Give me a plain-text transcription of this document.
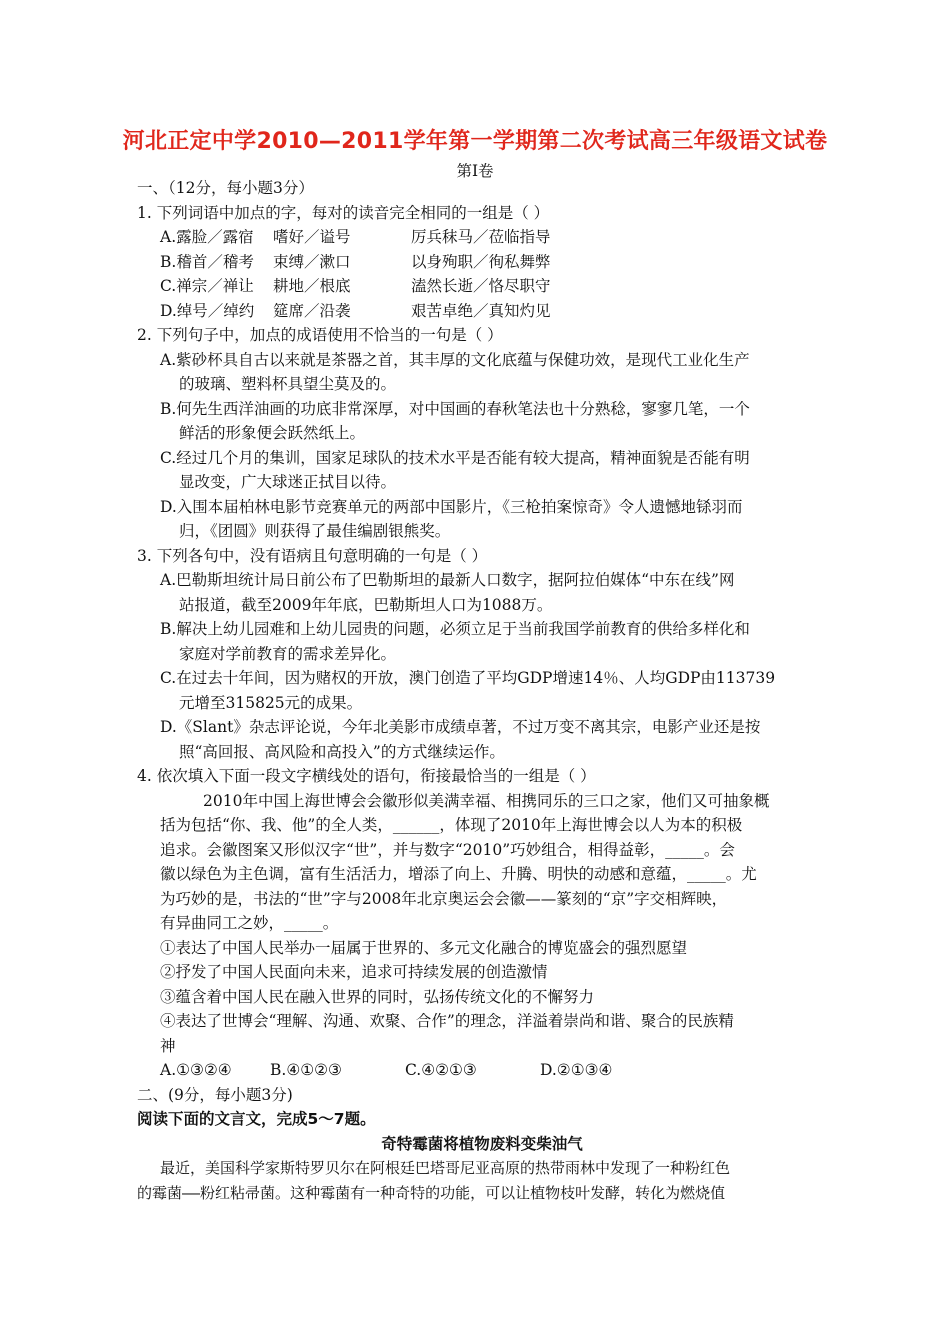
河北正定中学2010—2011学年第一学期第二次考试高三年级语文试卷
第Ⅰ卷
一、（12分，每小题3分）
1. 下列词语中加点的字，每对的读音完全相同的一组是（ ）
A.露脸／露宿 嗜好／谥号	厉兵秣马／莅临指导
B.稽首／稽考 束缚／漱口	以身殉职／徇私舞弊
C.禅宗／禅让 耕地／根底	溘然长逝／恪尽职守
D.绰号／绰约 筵席／沿袭	艰苦卓绝／真知灼见
2. 下列句子中，加点的成语使用不恰当的一句是（ ）
A.紫砂杯具自古以来就是茶器之首，其丰厚的文化底蕴与保健功效，是现代工业化生产
的玻璃、塑料杯具望尘莫及的。
B.何先生西洋油画的功底非常深厚，对中国画的春秋笔法也十分熟稔，寥寥几笔，一个
鲜活的形象便会跃然纸上。
C.经过几个月的集训，国家足球队的技术水平是否能有较大提高，精神面貌是否能有明
显改变，广大球迷正拭目以待。
D.入围本届柏林电影节竞赛单元的两部中国影片，《三枪拍案惊奇》令人遗憾地铩羽而
归，《团圆》则获得了最佳编剧银熊奖。
3. 下列各句中，没有语病且句意明确的一句是（ ）
A.巴勒斯坦统计局日前公布了巴勒斯坦的最新人口数字，据阿拉伯媒体“中东在线”网
站报道，截至2009年年底，巴勒斯坦人口为1088万。
B.解决上幼儿园难和上幼儿园贵的问题，必须立足于当前我国学前教育的供给多样化和
家庭对学前教育的需求差异化。
C.在过去十年间，因为赌权的开放，澳门创造了平均GDP增速14％、人均GDP由113739
元增至315825元的成果。
D.《Slant》杂志评论说，今年北美影市成绩卓著，不过万变不离其宗，电影产业还是按
照“高回报、高风险和高投入”的方式继续运作。
4. 依次填入下面一段文字横线处的语句，衔接最恰当的一组是（ ）
2010年中国上海世博会会徽形似美满幸福、相携同乐的三口之家，他们又可抽象概
括为包括“你、我、他”的全人类，______，体现了2010年上海世博会以人为本的积极
追求。会徽图案又形似汉字“世”，并与数字“2010”巧妙组合，相得益彰，_____。会
徽以绿色为主色调，富有生活活力，增添了向上、升腾、明快的动感和意蕴，_____。尤
为巧妙的是，书法的“世”字与2008年北京奥运会会徽——篆刻的“京”字交相辉映，
有异曲同工之妙，_____。
①表达了中国人民举办一届属于世界的、多元文化融合的博览盛会的强烈愿望
②抒发了中国人民面向未来，追求可持续发展的创造激情
③蕴含着中国人民在融入世界的同时，弘扬传统文化的不懈努力
④表达了世博会“理解、沟通、欢聚、合作”的理念，洋溢着崇尚和谐、聚合的民族精
神
A.①③②④ B.④①②③	C.④②①③	D.②①③④
二、(9分，每小题3分)
阅读下面的文言文，完成5～7题。
奇特霉菌将植物废料变柴油气
最近，美国科学家斯特罗贝尔在阿根廷巴塔哥尼亚高原的热带雨林中发现了一种粉红色
的霉菌——粉红粘帚菌。这种霉菌有一种奇特的功能，可以让植物枝叶发酵，转化为燃烧值
